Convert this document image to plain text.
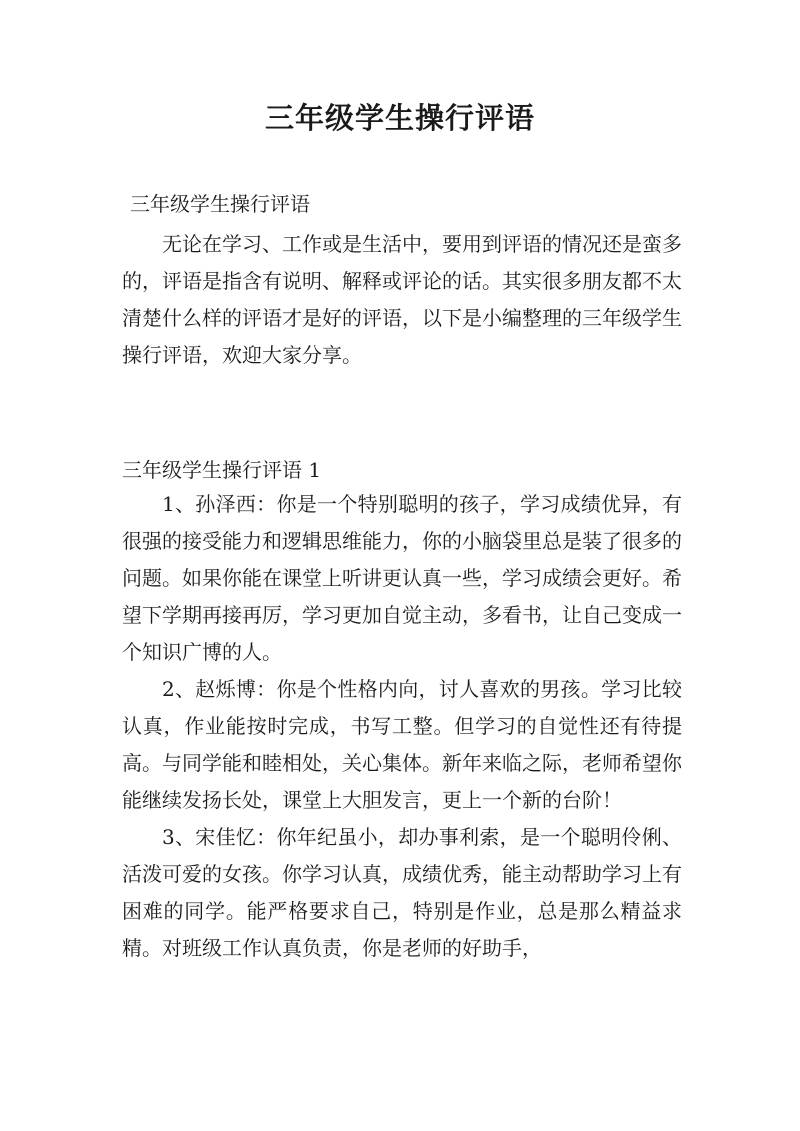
三年级学生操行评语
三年级学生操行评语

无论在学习、工作或是生活中，要用到评语的情况还是蛮多的，评语是指含有说明、解释或评论的话。其实很多朋友都不太清楚什么样的评语才是好的评语，以下是小编整理的三年级学生操行评语，欢迎大家分享。

三年级学生操行评语 1

1、孙泽西：你是一个特别聪明的孩子，学习成绩优异，有很强的接受能力和逻辑思维能力，你的小脑袋里总是装了很多的问题。如果你能在课堂上听讲更认真一些，学习成绩会更好。希望下学期再接再厉，学习更加自觉主动，多看书，让自己变成一个知识广博的人。

2、赵烁博：你是个性格内向，讨人喜欢的男孩。学习比较认真，作业能按时完成，书写工整。但学习的自觉性还有待提高。与同学能和睦相处，关心集体。新年来临之际，老师希望你能继续发扬长处，课堂上大胆发言，更上一个新的台阶！

3、宋佳忆：你年纪虽小，却办事利索，是一个聪明伶俐、活泼可爱的女孩。你学习认真，成绩优秀，能主动帮助学习上有困难的同学。能严格要求自己，特别是作业，总是那么精益求精。对班级工作认真负责，你是老师的好助手，
